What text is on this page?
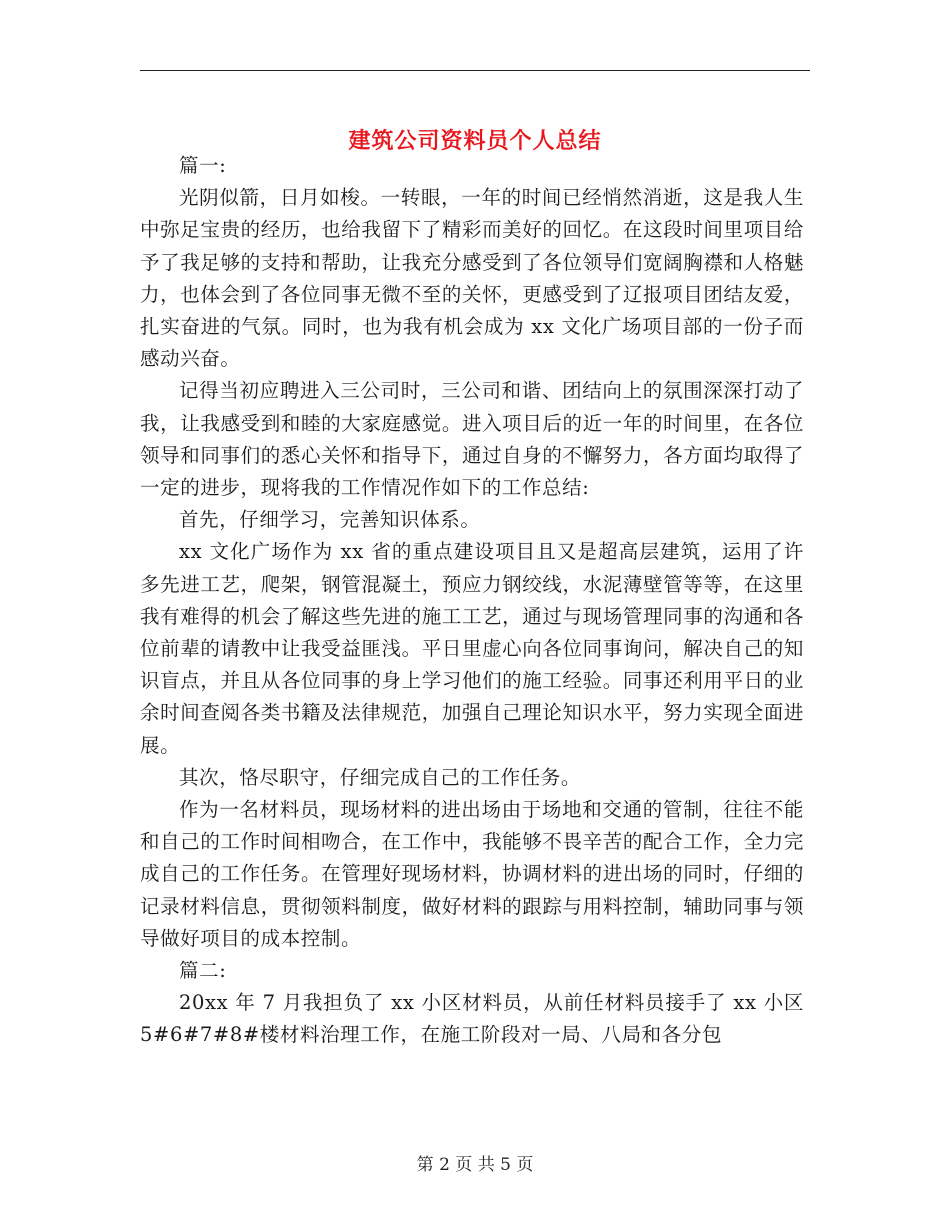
建筑公司资料员个人总结

篇一:

光阴似箭，日月如梭。一转眼，一年的时间已经悄然消逝，这是我人生中弥足宝贵的经历，也给我留下了精彩而美好的回忆。在这段时间里项目给予了我足够的支持和帮助，让我充分感受到了各位领导们宽阔胸襟和人格魅力，也体会到了各位同事无微不至的关怀，更感受到了辽报项目团结友爱，扎实奋进的气氛。同时，也为我有机会成为 xx 文化广场项目部的一份子而感动兴奋。

记得当初应聘进入三公司时，三公司和谐、团结向上的氛围深深打动了我，让我感受到和睦的大家庭感觉。进入项目后的近一年的时间里，在各位领导和同事们的悉心关怀和指导下，通过自身的不懈努力，各方面均取得了一定的进步，现将我的工作情况作如下的工作总结:

首先，仔细学习，完善知识体系。

xx 文化广场作为 xx 省的重点建设项目且又是超高层建筑，运用了许多先进工艺，爬架，钢管混凝土，预应力钢绞线，水泥薄壁管等等，在这里我有难得的机会了解这些先进的施工工艺，通过与现场管理同事的沟通和各位前辈的请教中让我受益匪浅。平日里虚心向各位同事询问，解决自己的知识盲点，并且从各位同事的身上学习他们的施工经验。同事还利用平日的业余时间查阅各类书籍及法律规范，加强自己理论知识水平，努力实现全面进展。

其次，恪尽职守，仔细完成自己的工作任务。

作为一名材料员，现场材料的进出场由于场地和交通的管制，往往不能和自己的工作时间相吻合，在工作中，我能够不畏辛苦的配合工作，全力完成自己的工作任务。在管理好现场材料，协调材料的进出场的同时，仔细的记录材料信息，贯彻领料制度，做好材料的跟踪与用料控制，辅助同事与领导做好项目的成本控制。

篇二:

20xx 年 7 月我担负了 xx 小区材料员，从前任材料员接手了 xx 小区 5#6#7#8#楼材料治理工作，在施工阶段对一局、八局和各分包

第 2 页 共 5 页
